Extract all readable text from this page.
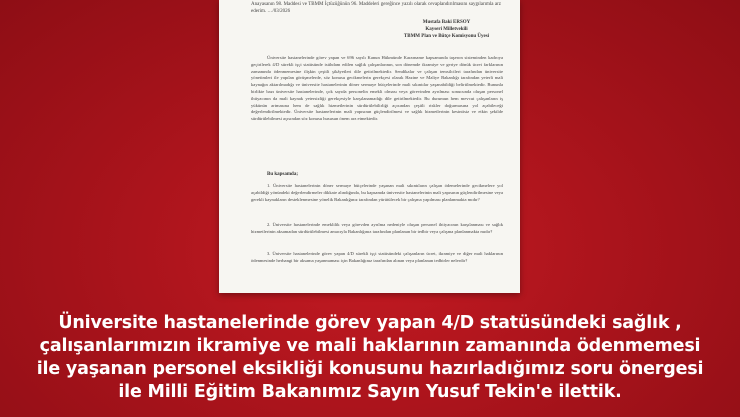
Anayasanın 98. Maddesi ve TBMM İçtüzüğünün 96. Maddeleri gereğince yazılı olarak cevaplandırılmasını saygılarımla arz ederim. …/03/2026
Mustafa Baki ERSOY
Kayseri Milletvekili
TBMM Plan ve Bütçe Komisyonu Üyesi
Üniversite hastanelerinde görev yapan ve 696 sayılı Kanun Hükmünde Kararname kapsamında taşeron sisteminden kadroya geçirilerek 4/D sürekli işçi statüsünde istihdam edilen sağlık çalışanlarının, son dönemde ikramiye ve geriye dönük ücret farklarının zamanında ödenmemesine ilişkin çeşitli şikâyetleri dile getirilmektedir. Sendikalar ve çalışan temsilcileri tarafından üniversite yönetimleri ile yapılan görüşmelerde, söz konusu gecikmelerin gerekçesi olarak Hazine ve Maliye Bakanlığı tarafından yeterli mali kaynağın aktarılmadığı ve üniversite hastanelerinin döner sermaye bütçelerinde mali sıkıntılar yaşanabildiği belirtilmektedir. Bununla birlikte bazı üniversite hastanelerinde, çok sayıda personelin emekli olması veya görevinden ayrılması sonucunda oluşan personel ihtiyacının da mali kaynak yetersizliği gerekçesiyle karşılanamadığı dile getirilmektedir. Bu durumun hem mevcut çalışanların iş yükünün artmasına hem de sağlık hizmetlerinin sürdürülebilirliği açısından çeşitli riskler doğurmasına yol açabileceği değerlendirilmektedir. Üniversite hastanelerinin mali yapısının güçlendirilmesi ve sağlık hizmetlerinin kesintisiz ve etkin şekilde sürdürülebilmesi açısından söz konusu hususun önem arz etmektedir.
Bu kapsamda;
1. Üniversite hastanelerinin döner sermaye bütçelerinde yaşanan mali sıkıntıların çalışan ödemelerinde gecikmelere yol açabildiği yönündeki değerlendirmeler dikkate alındığında, bu kapsamda üniversite hastanelerinin mali yapısının güçlendirilmesine veya gerekli kaynakların desteklenmesine yönelik Bakanlığınız tarafından yürütülecek bir çalışma yapılması planlanmakta mıdır?
2. Üniversite hastanelerinde emeklilik veya görevden ayrılma nedeniyle oluşan personel ihtiyacının karşılanması ve sağlık hizmetlerinin aksamadan sürdürülebilmesi amacıyla Bakanlığınız tarafından planlanan bir tedbir veya çalışma planlanmakta mıdır?
3. Üniversite hastanelerinde görev yapan 4/D sürekli işçi statüsündeki çalışanların ücret, ikramiye ve diğer mali haklarının ödenmesinde herhangi bir aksama yaşanmaması için Bakanlığınız tarafından alınan veya planlanan tedbirler nelerdir?
Üniversite hastanelerinde görev yapan 4/D statüsündeki sağlık ,
çalışanlarımızın ikramiye ve mali haklarının zamanında ödenmemesi
ile yaşanan personel eksikliği konusunu hazırladığımız soru önergesi
ile Milli Eğitim Bakanımız Sayın Yusuf Tekin'e ilettik.
